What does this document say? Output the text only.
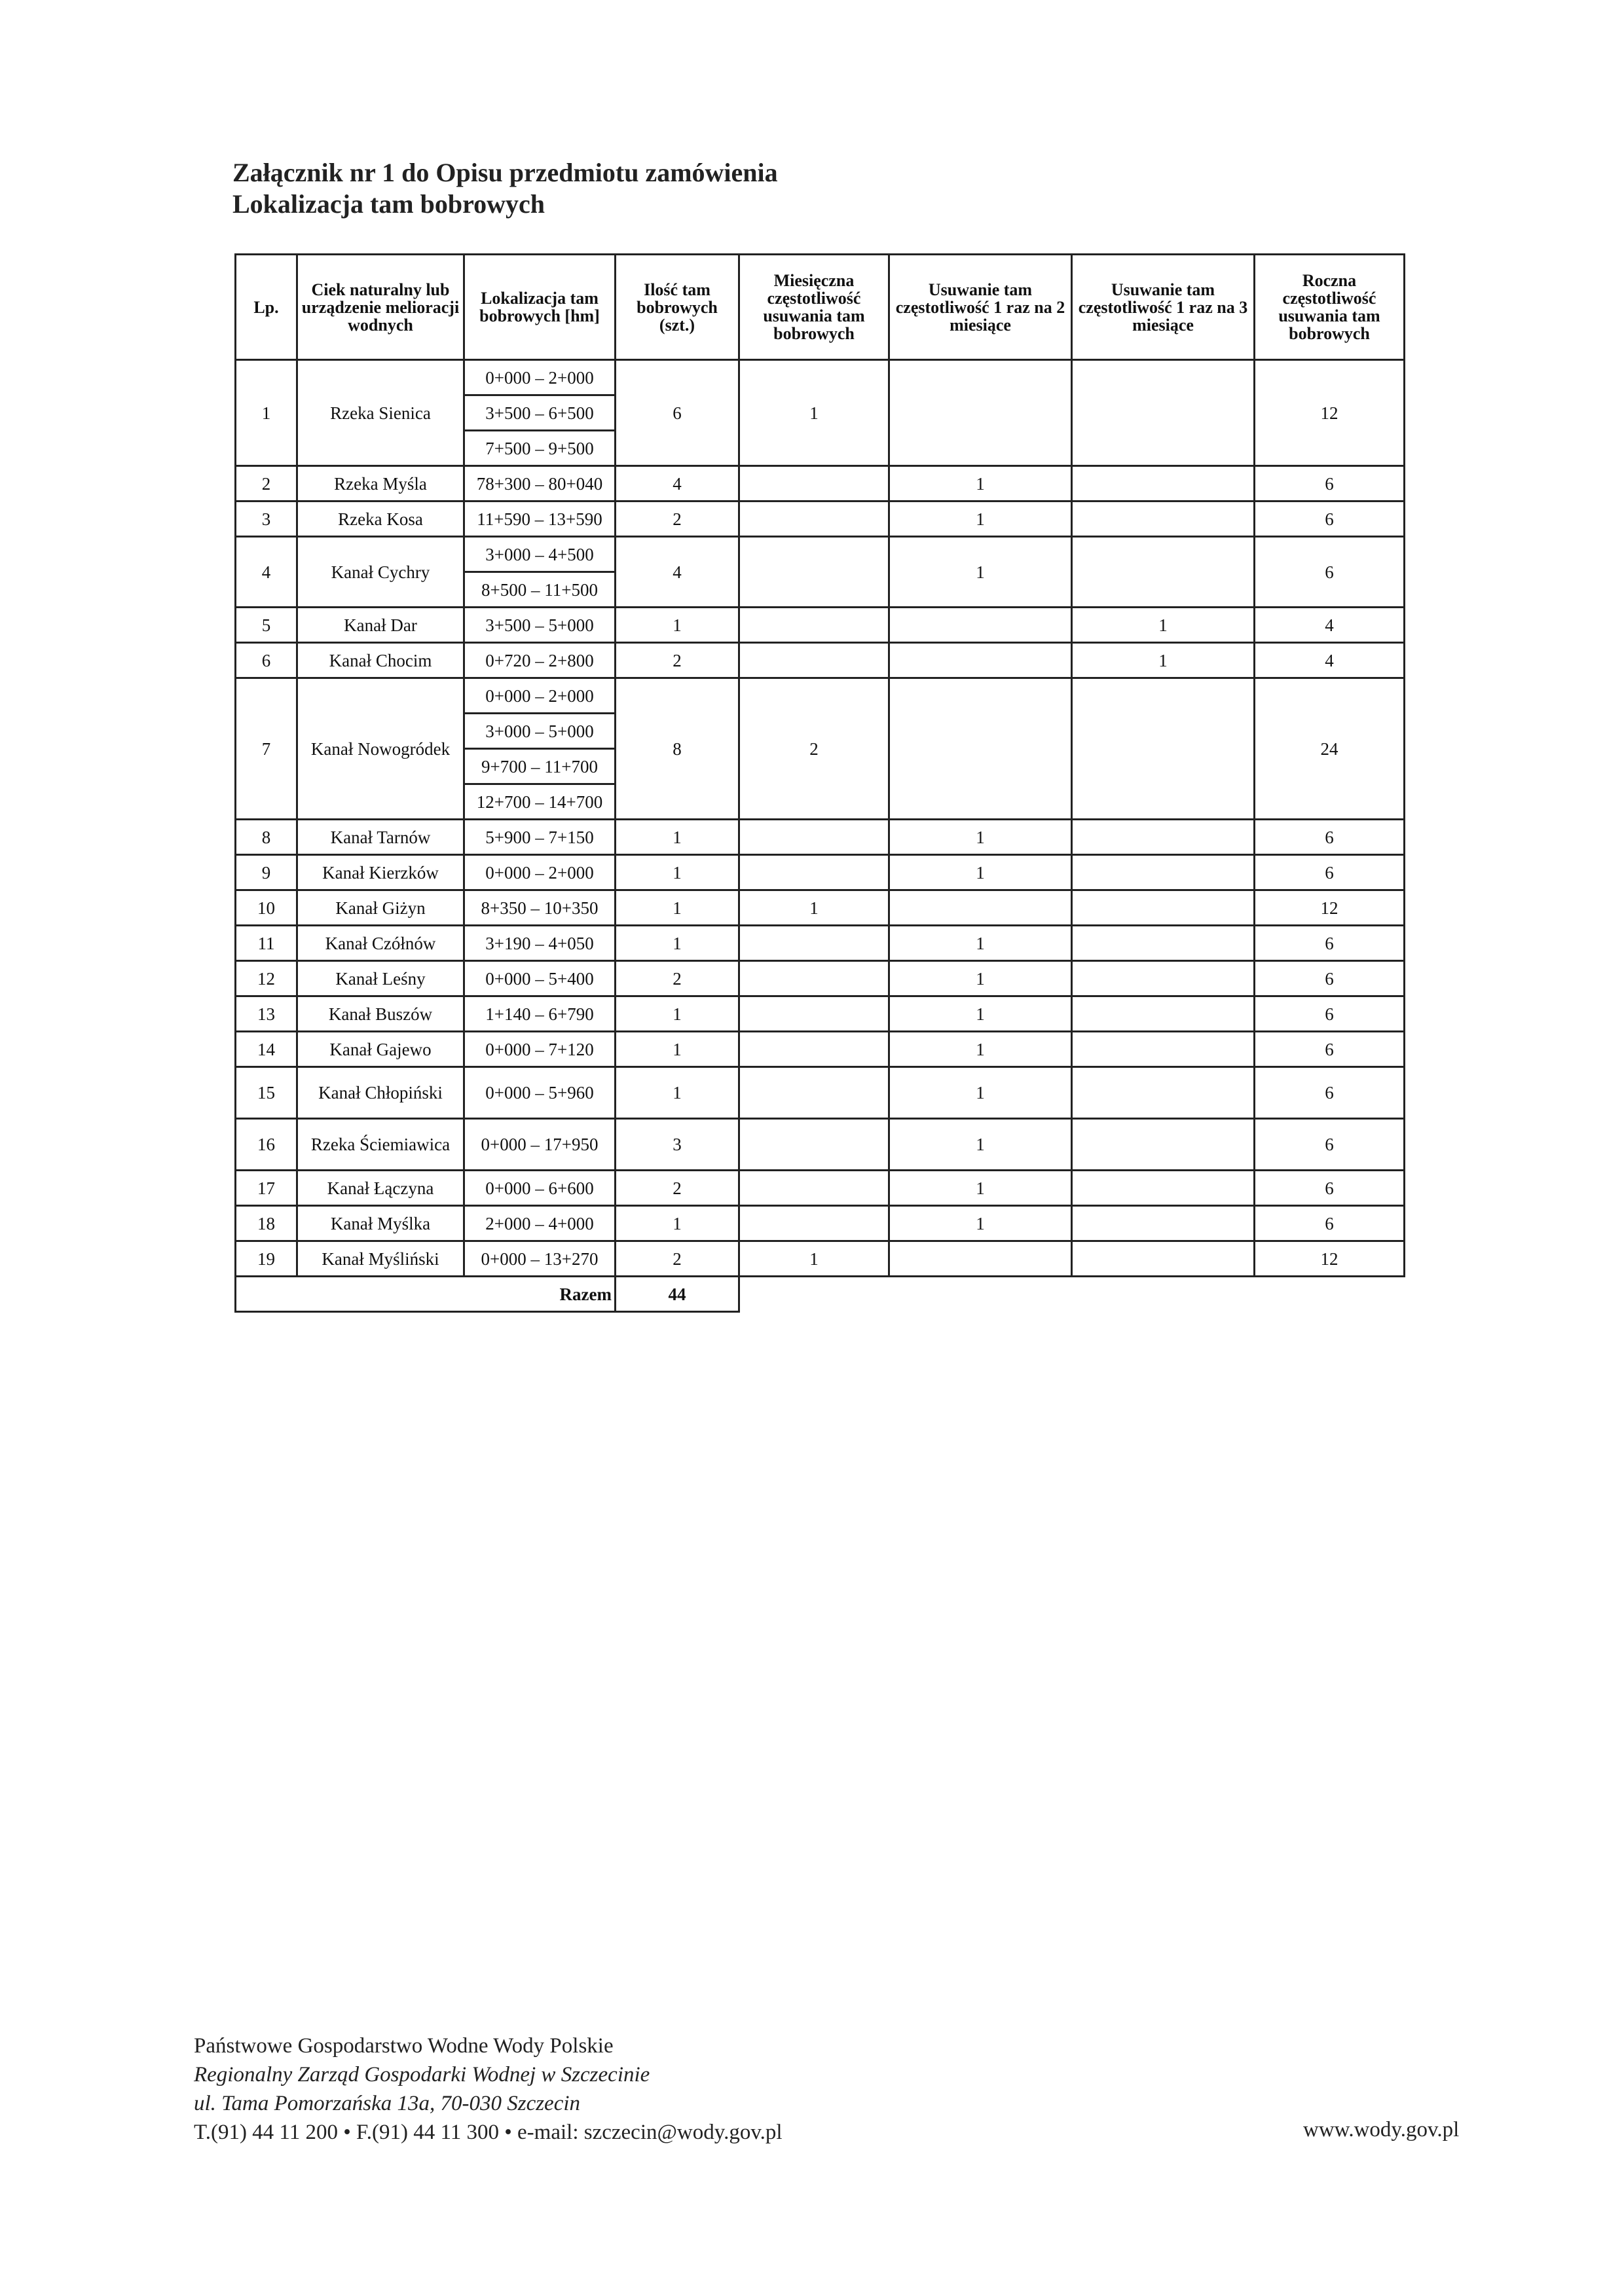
Załącznik nr 1 do Opisu przedmiotu zamówienia
Lokalizacja tam bobrowych
Lp.	Ciek naturalny lub urządzenie melioracji wodnych	Lokalizacja tam bobrowych [hm]	Ilość tam bobrowych (szt.)	Miesięczna częstotliwość usuwania tam bobrowych	Usuwanie tam częstotliwość 1 raz na 2 miesiące	Usuwanie tam częstotliwość 1 raz na 3 miesiące	Roczna częstotliwość usuwania tam bobrowych
1	Rzeka Sienica	0+000 – 2+000	6	1			12
		3+500 – 6+500					
		7+500 – 9+500					
2	Rzeka Myśla	78+300 – 80+040	4		1		6
3	Rzeka Kosa	11+590 – 13+590	2		1		6
4	Kanał Cychry	3+000 – 4+500	4		1		6
		8+500 – 11+500					
5	Kanał Dar	3+500 – 5+000	1			1	4
6	Kanał Chocim	0+720 – 2+800	2			1	4
7	Kanał Nowogródek	0+000 – 2+000	8	2			24
		3+000 – 5+000					
		9+700 – 11+700					
		12+700 – 14+700					
8	Kanał Tarnów	5+900 – 7+150	1		1		6
9	Kanał Kierzków	0+000 – 2+000	1		1		6
10	Kanał Giżyn	8+350 – 10+350	1	1			12
11	Kanał Czółnów	3+190 – 4+050	1		1		6
12	Kanał Leśny	0+000 – 5+400	2		1		6
13	Kanał Buszów	1+140 – 6+790	1		1		6
14	Kanał Gajewo	0+000 – 7+120	1		1		6
15	Kanał Chłopiński	0+000 – 5+960	1		1		6
16	Rzeka Ściemiawica	0+000 – 17+950	3		1		6
17	Kanał Łączyna	0+000 – 6+600	2		1		6
18	Kanał Myślka	2+000 – 4+000	1		1		6
19	Kanał Myśliński	0+000 – 13+270	2	1			12
Razem			44				
Państwowe Gospodarstwo Wodne Wody Polskie
Regionalny Zarząd Gospodarki Wodnej w Szczecinie
ul. Tama Pomorzańska 13a, 70-030 Szczecin
T.(91) 44 11 200 • F.(91) 44 11 300 • e-mail: szczecin@wody.gov.pl	www.wody.gov.pl
